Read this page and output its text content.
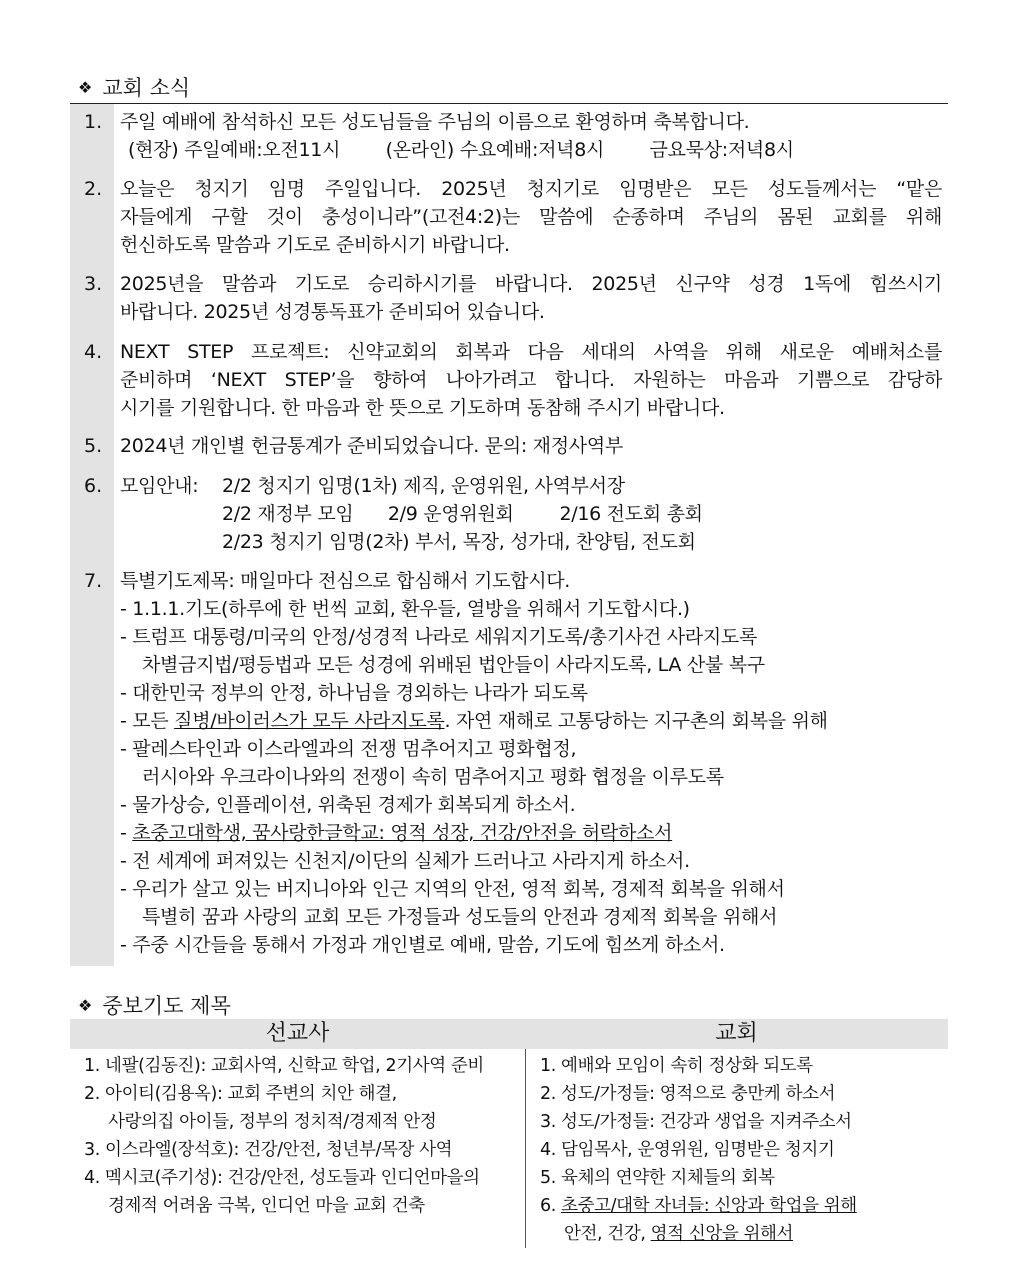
❖ 교회 소식
1. 주일 예배에 참석하신 모든 성도님들을 주님의 이름으로 환영하며 축복합니다.
(현장) 주일예배:오전11시 (온라인) 수요예배:저녁8시 금요묵상:저녁8시
2. 오늘은 청지기 임명 주일입니다. 2025년 청지기로 임명받은 모든 성도들께서는 “맡은
자들에게 구할 것이 충성이니라”(고전4:2)는 말씀에 순종하며 주님의 몸된 교회를 위해
헌신하도록 말씀과 기도로 준비하시기 바랍니다.
3. 2025년을 말씀과 기도로 승리하시기를 바랍니다. 2025년 신구약 성경 1독에 힘쓰시기
바랍니다. 2025년 성경통독표가 준비되어 있습니다.
4. NEXT STEP 프로젝트: 신약교회의 회복과 다음 세대의 사역을 위해 새로운 예배처소를
준비하며 ‘NEXT STEP’을 향하여 나아가려고 합니다. 자원하는 마음과 기쁨으로 감당하
시기를 기원합니다. 한 마음과 한 뜻으로 기도하며 동참해 주시기 바랍니다.
5. 2024년 개인별 헌금통계가 준비되었습니다. 문의: 재정사역부
6. 모임안내:	2/2 청지기 임명(1차) 제직, 운영위원, 사역부서장
2/2 재정부 모임      2/9 운영위원회        2/16 전도회 총회
2/23 청지기 임명(2차) 부서, 목장, 성가대, 찬양팀, 전도회
7. 특별기도제목: 매일마다 전심으로 합심해서 기도합시다.
- 1.1.1.기도(하루에 한 번씩 교회, 환우들, 열방을 위해서 기도합시다.)
- 트럼프 대통령/미국의 안정/성경적 나라로 세워지기도록/총기사건 사라지도록
차별금지법/평등법과 모든 성경에 위배된 법안들이 사라지도록, LA 산불 복구
- 대한민국 정부의 안정, 하나님을 경외하는 나라가 되도록
- 모든 질병/바이러스가 모두 사라지도록. 자연 재해로 고통당하는 지구촌의 회복을 위해
- 팔레스타인과 이스라엘과의 전쟁 멈추어지고 평화협정,
러시아와 우크라이나와의 전쟁이 속히 멈추어지고 평화 협정을 이루도록
- 물가상승, 인플레이션, 위축된 경제가 회복되게 하소서.
- 초중고대학생, 꿈사랑한글학교: 영적 성장, 건강/안전을 허락하소서
- 전 세계에 퍼져있는 신천지/이단의 실체가 드러나고 사라지게 하소서.
- 우리가 살고 있는 버지니아와 인근 지역의 안전, 영적 회복, 경제적 회복을 위해서
특별히 꿈과 사랑의 교회 모든 가정들과 성도들의 안전과 경제적 회복을 위해서
- 주중 시간들을 통해서 가정과 개인별로 예배, 말씀, 기도에 힘쓰게 하소서.
❖ 중보기도 제목
선교사	교회
1. 네팔(김동진): 교회사역, 신학교 학업, 2기사역 준비
2. 아이티(김용옥): 교회 주변의 치안 해결,
사랑의집 아이들, 정부의 정치적/경제적 안정
3. 이스라엘(장석호): 건강/안전, 청년부/목장 사역
4. 멕시코(주기성): 건강/안전, 성도들과 인디언마을의
경제적 어려움 극복, 인디언 마을 교회 건축
1. 예배와 모임이 속히 정상화 되도록
2. 성도/가정들: 영적으로 충만케 하소서
3. 성도/가정들: 건강과 생업을 지켜주소서
4. 담임목사, 운영위원, 임명받은 청지기
5. 육체의 연약한 지체들의 회복
6. 초중고/대학 자녀들: 신앙과 학업을 위해
안전, 건강, 영적 신앙을 위해서
